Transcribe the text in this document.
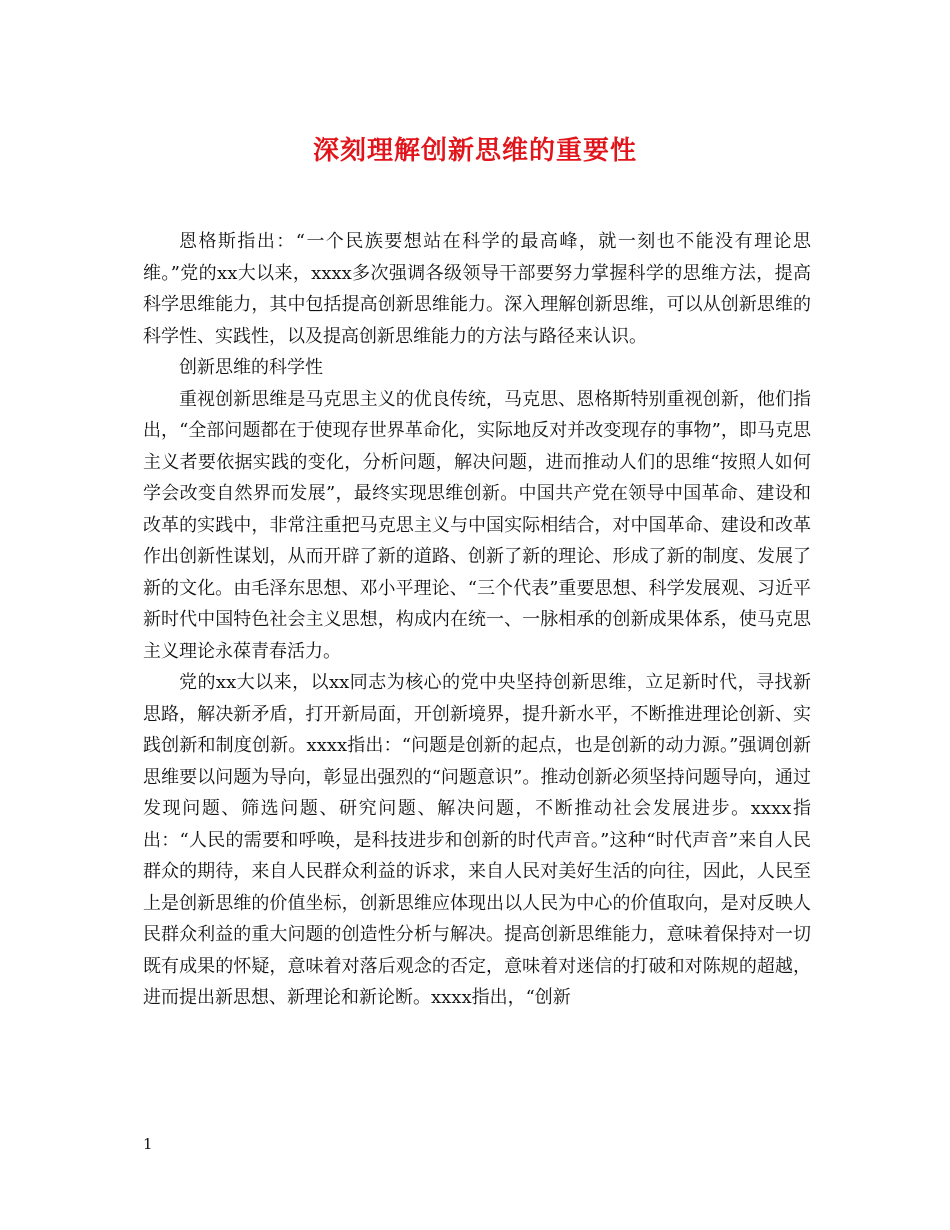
深刻理解创新思维的重要性

恩格斯指出：“一个民族要想站在科学的最高峰，就一刻也不能没有理论思维。”党的xx大以来，xxxx多次强调各级领导干部要努力掌握科学的思维方法，提高科学思维能力，其中包括提高创新思维能力。深入理解创新思维，可以从创新思维的科学性、实践性，以及提高创新思维能力的方法与路径来认识。

创新思维的科学性

重视创新思维是马克思主义的优良传统，马克思、恩格斯特别重视创新，他们指出，“全部问题都在于使现存世界革命化，实际地反对并改变现存的事物”，即马克思主义者要依据实践的变化，分析问题，解决问题，进而推动人们的思维“按照人如何学会改变自然界而发展”，最终实现思维创新。中国共产党在领导中国革命、建设和改革的实践中，非常注重把马克思主义与中国实际相结合，对中国革命、建设和改革作出创新性谋划，从而开辟了新的道路、创新了新的理论、形成了新的制度、发展了新的文化。由毛泽东思想、邓小平理论、“三个代表”重要思想、科学发展观、习近平新时代中国特色社会主义思想，构成内在统一、一脉相承的创新成果体系，使马克思主义理论永葆青春活力。

党的xx大以来，以xx同志为核心的党中央坚持创新思维，立足新时代，寻找新思路，解决新矛盾，打开新局面，开创新境界，提升新水平，不断推进理论创新、实践创新和制度创新。xxxx指出：“问题是创新的起点，也是创新的动力源。”强调创新思维要以问题为导向，彰显出强烈的“问题意识”。推动创新必须坚持问题导向，通过发现问题、筛选问题、研究问题、解决问题，不断推动社会发展进步。xxxx指出：“人民的需要和呼唤，是科技进步和创新的时代声音。”这种“时代声音”来自人民群众的期待，来自人民群众利益的诉求，来自人民对美好生活的向往，因此，人民至上是创新思维的价值坐标，创新思维应体现出以人民为中心的价值取向，是对反映人民群众利益的重大问题的创造性分析与解决。提高创新思维能力，意味着保持对一切既有成果的怀疑，意味着对落后观念的否定，意味着对迷信的打破和对陈规的超越，进而提出新思想、新理论和新论断。xxxx指出，“创新

1
